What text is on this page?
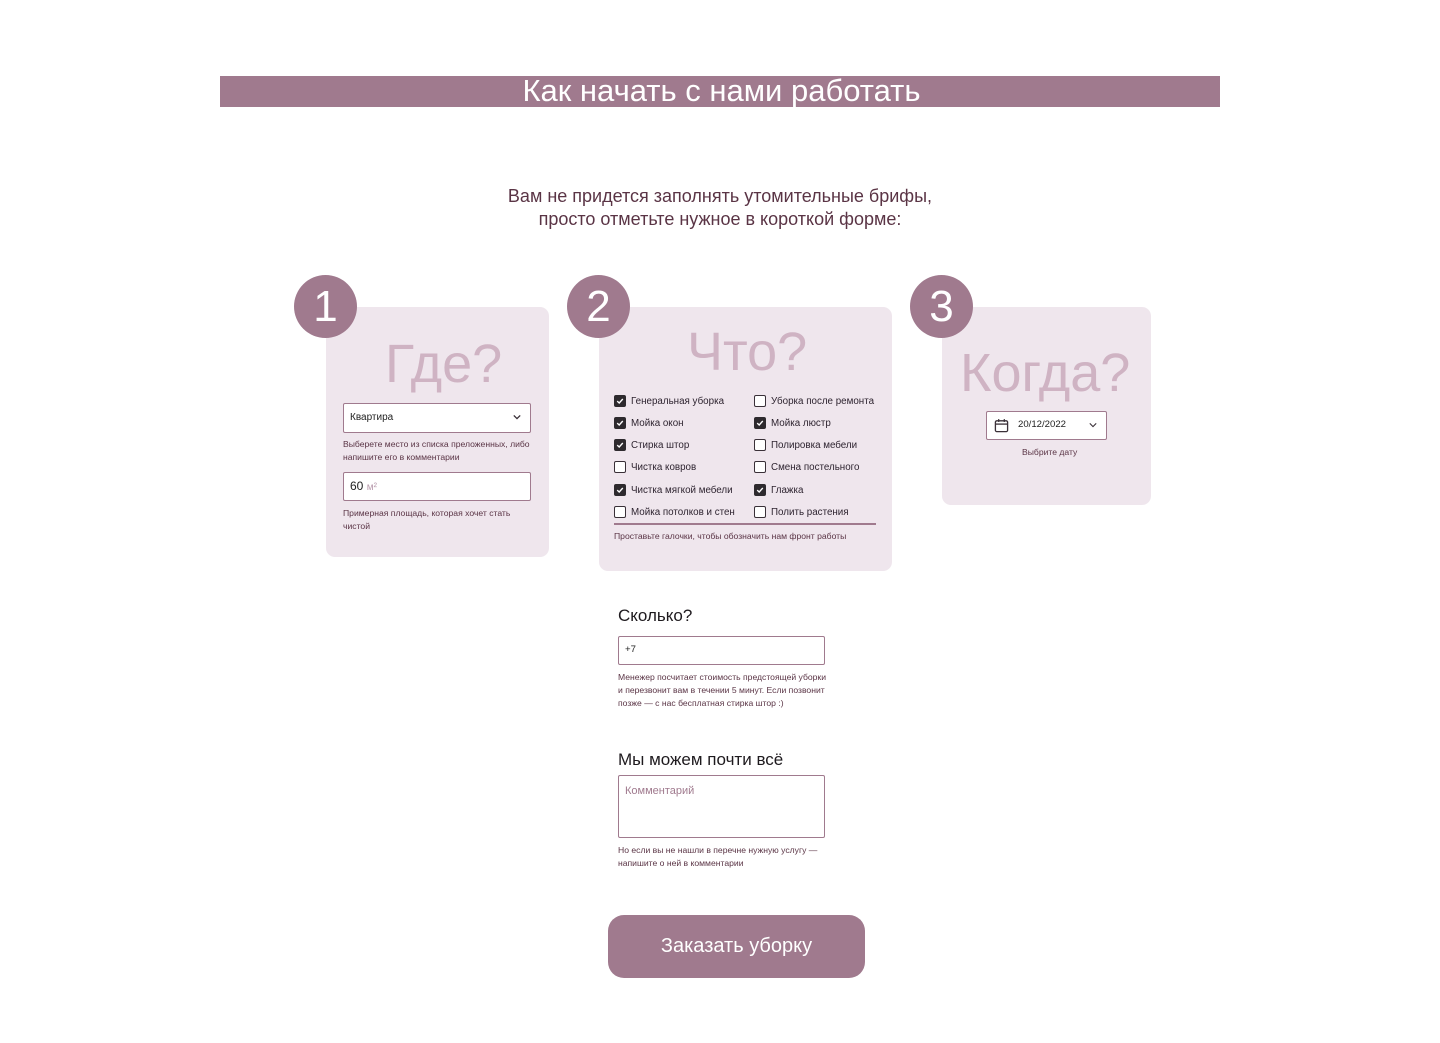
Как начать с нами работать
Вам не придется заполнять утомительные брифы,
просто отметьте нужное в короткой форме:
1	2	3
Где?	Что?	Когда?
Квартира
Выберете место из списка преложенных, либо напишите его в комментарии
60 м²
Примерная площадь, которая хочет стать чистой
Генеральная уборка
Мойка окон
Стирка штор
Чистка ковров
Чистка мягкой мебели
Мойка потолков и стен
Уборка после ремонта
Мойка люстр
Полировка мебели
Смена постельного
Глажка
Полить растения
Проставьте галочки, чтобы обозначить нам фронт работы
20/12/2022
Выбрите дату
Сколько?
+7
Менежер посчитает стоимость предстоящей уборки и перезвонит вам в течении 5 минут. Если позвонит позже — с нас бесплатная стирка штор :)
Мы можем почти всё
Комментарий
Но если вы не нашли в перечне нужную услугу — напишите о ней в комментарии
Заказать уборку
